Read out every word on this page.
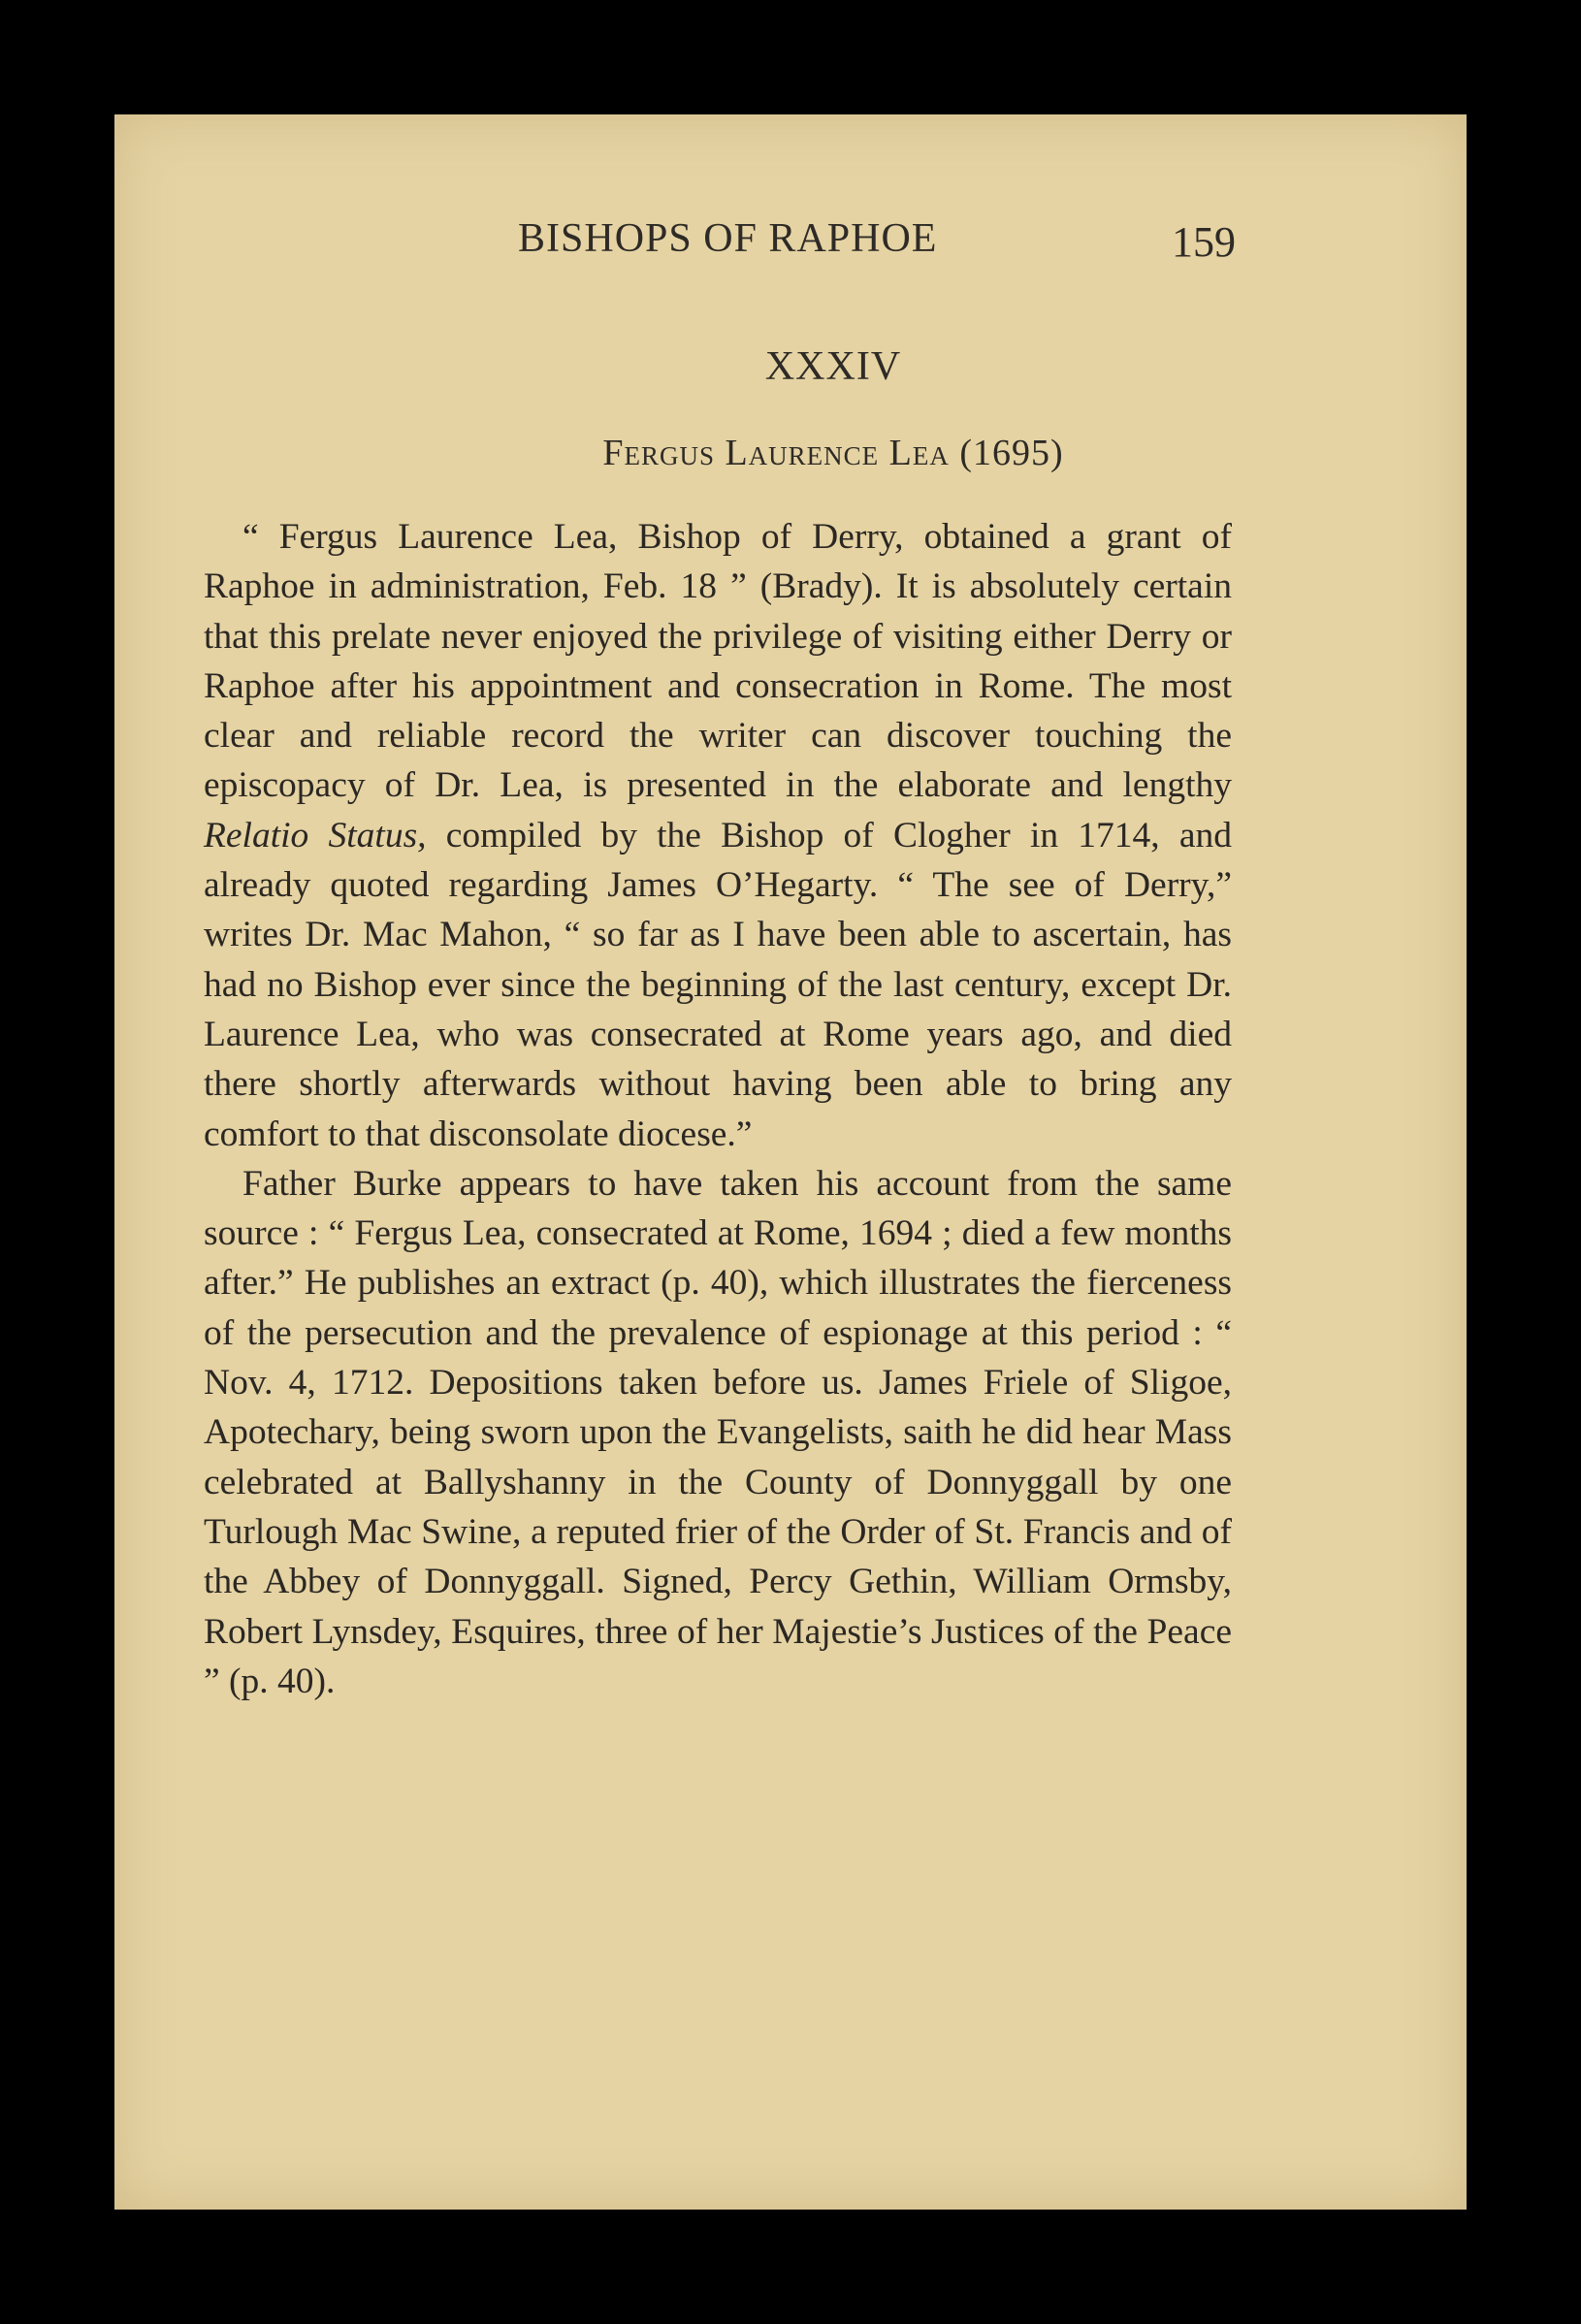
BISHOPS OF RAPHOE	159
XXXIV
Fergus Laurence Lea (1695)

“ Fergus Laurence Lea, Bishop of Derry, obtained a grant of Raphoe in administration, Feb. 18 ” (Brady). It is absolutely certain that this prelate never enjoyed the privilege of visiting either Derry or Raphoe after his appointment and consecration in Rome. The most clear and reliable record the writer can discover touching the episcopacy of Dr. Lea, is presented in the elaborate and lengthy Relatio Status, compiled by the Bishop of Clogher in 1714, and already quoted regarding James O’Hegarty. “ The see of Derry,” writes Dr. Mac Mahon, “ so far as I have been able to ascertain, has had no Bishop ever since the beginning of the last century, except Dr. Laurence Lea, who was consecrated at Rome years ago, and died there shortly afterwards without having been able to bring any comfort to that disconsolate diocese.”

Father Burke appears to have taken his account from the same source : “ Fergus Lea, consecrated at Rome, 1694 ; died a few months after.” He publishes an extract (p. 40), which illustrates the fierceness of the persecution and the prevalence of espionage at this period : “ Nov. 4, 1712. Depositions taken before us. James Friele of Sligoe, Apotechary, being sworn upon the Evangelists, saith he did hear Mass celebrated at Ballyshanny in the County of Donnyggall by one Turlough Mac Swine, a reputed frier of the Order of St. Francis and of the Abbey of Donnyggall. Signed, Percy Gethin, William Ormsby, Robert Lynsdey, Esquires, three of her Majestie’s Justices of the Peace ” (p. 40).
